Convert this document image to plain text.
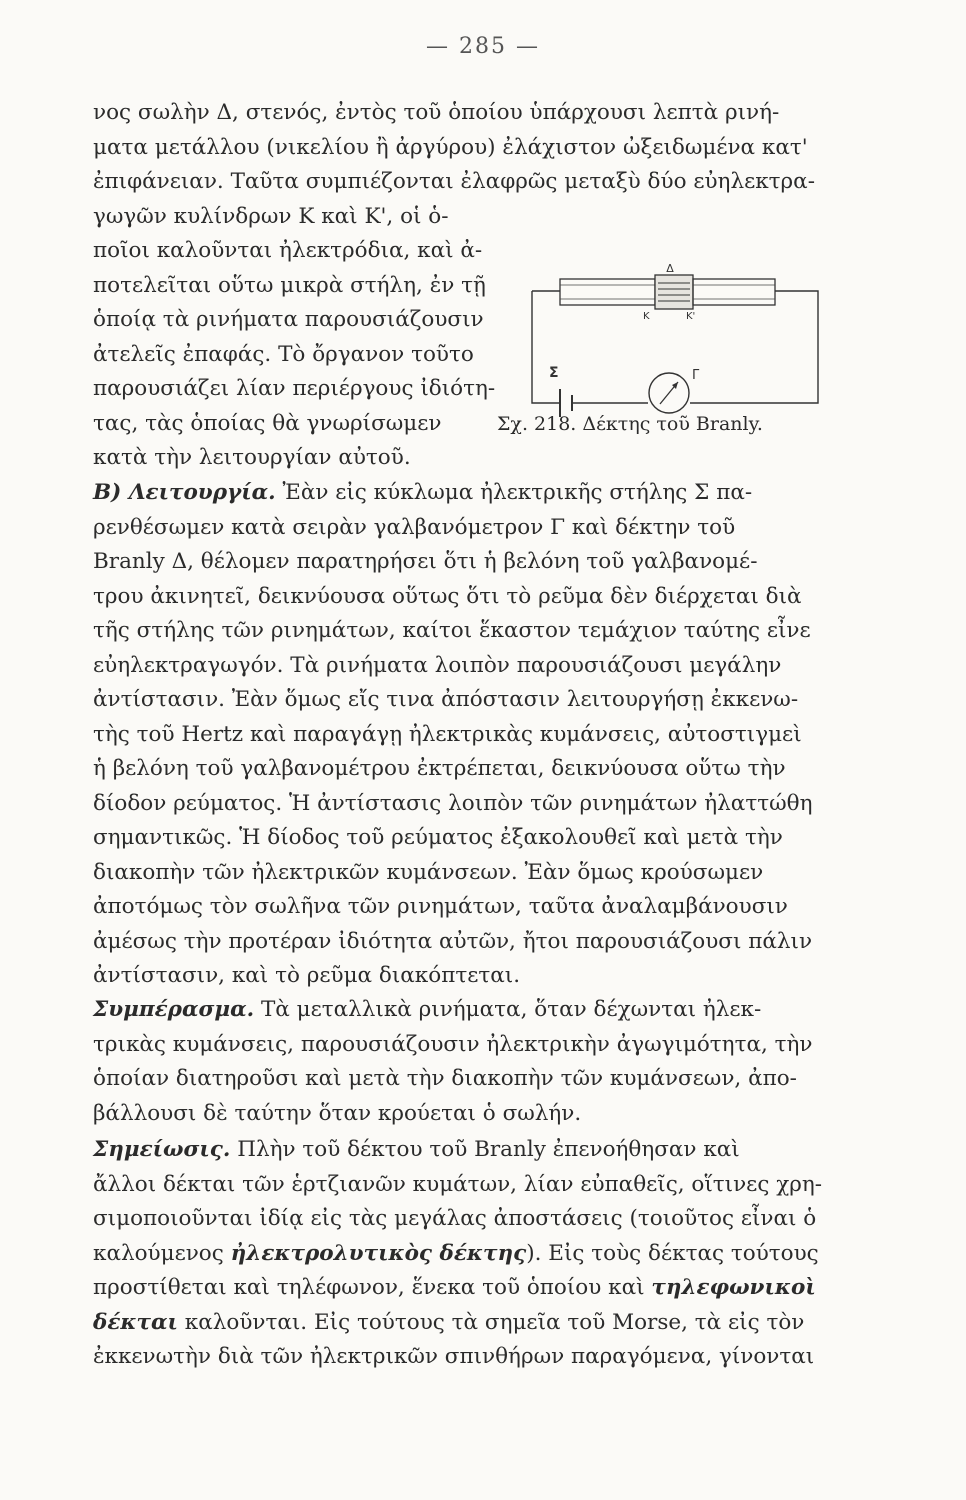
— 285 —
νος σωλὴν Δ, στενός, ἐντὸς τοῦ ὁποίου ὑπάρχουσι λεπτὰ ρινή-
ματα μετάλλου (νικελίου ἢ ἀργύρου) ἐλάχιστον ὠξειδωμένα κατ'
ἐπιφάνειαν. Ταῦτα συμπιέζονται ἐλαφρῶς μεταξὺ δύο εὐηλεκτρα-
γωγῶν κυλίνδρων Κ καὶ Κ', οἱ ὁ-
ποῖοι καλοῦνται ἠλεκτρόδια, καὶ ἀ-
ποτελεῖται οὕτω μικρὰ στήλη, ἐν τῇ
ὁποίᾳ τὰ ρινήματα παρουσιάζουσιν
ἀτελεῖς ἐπαφάς. Τὸ ὄργανον τοῦτο
παρουσιάζει λίαν περιέργους ἰδιότη-
τας, τὰς ὁποίας θὰ γνωρίσωμεν
κατὰ τὴν λειτουργίαν αὐτοῦ.
Δ
Κ	Κ'
Σ	Γ
Σχ. 218. Δέκτης τοῦ Branly.
Β) Λειτουργία. Ἐὰν εἰς κύκλωμα ἠλεκτρικῆς στήλης Σ πα-
ρενθέσωμεν κατὰ σειρὰν γαλβανόμετρον Γ καὶ δέκτην τοῦ
Branly Δ, θέλομεν παρατηρήσει ὅτι ἡ βελόνη τοῦ γαλβανομέ-
τρου ἀκινητεῖ, δεικνύουσα οὕτως ὅτι τὸ ρεῦμα δὲν διέρχεται διὰ
τῆς στήλης τῶν ρινημάτων, καίτοι ἕκαστον τεμάχιον ταύτης εἶνε
εὐηλεκτραγωγόν. Τὰ ρινήματα λοιπὸν παρουσιάζουσι μεγάλην
ἀντίστασιν. Ἐὰν ὅμως εἴς τινα ἀπόστασιν λειτουργήσῃ ἐκκενω-
τὴς τοῦ Hertz καὶ παραγάγῃ ἠλεκτρικὰς κυμάνσεις, αὐτοστιγμεὶ
ἡ βελόνη τοῦ γαλβανομέτρου ἐκτρέπεται, δεικνύουσα οὕτω τὴν
δίοδον ρεύματος. Ἡ ἀντίστασις λοιπὸν τῶν ρινημάτων ἠλαττώθη
σημαντικῶς. Ἡ δίοδος τοῦ ρεύματος ἐξακολουθεῖ καὶ μετὰ τὴν
διακοπὴν τῶν ἠλεκτρικῶν κυμάνσεων. Ἐὰν ὅμως κρούσωμεν
ἀποτόμως τὸν σωλῆνα τῶν ρινημάτων, ταῦτα ἀναλαμβάνουσιν
ἀμέσως τὴν προτέραν ἰδιότητα αὐτῶν, ἤτοι παρουσιάζουσι πάλιν
ἀντίστασιν, καὶ τὸ ρεῦμα διακόπτεται.
Συμπέρασμα. Τὰ μεταλλικὰ ρινήματα, ὅταν δέχωνται ἠλεκ-
τρικὰς κυμάνσεις, παρουσιάζουσιν ἠλεκτρικὴν ἀγωγιμότητα, τὴν
ὁποίαν διατηροῦσι καὶ μετὰ τὴν διακοπὴν τῶν κυμάνσεων, ἀπο-
βάλλουσι δὲ ταύτην ὅταν κρούεται ὁ σωλήν.
Σημείωσις. Πλὴν τοῦ δέκτου τοῦ Branly ἐπενοήθησαν καὶ
ἄλλοι δέκται τῶν ἑρτζιανῶν κυμάτων, λίαν εὐπαθεῖς, οἵτινες χρη-
σιμοποιοῦνται ἰδίᾳ εἰς τὰς μεγάλας ἀποστάσεις (τοιοῦτος εἶναι ὁ
καλούμενος ἠλεκτρολυτικὸς δέκτης). Εἰς τοὺς δέκτας τούτους
προστίθεται καὶ τηλέφωνον, ἕνεκα τοῦ ὁποίου καὶ τηλεφωνικοὶ
δέκται καλοῦνται. Εἰς τούτους τὰ σημεῖα τοῦ Morse, τὰ εἰς τὸν
ἐκκενωτὴν διὰ τῶν ἠλεκτρικῶν σπινθήρων παραγόμενα, γίνονται
